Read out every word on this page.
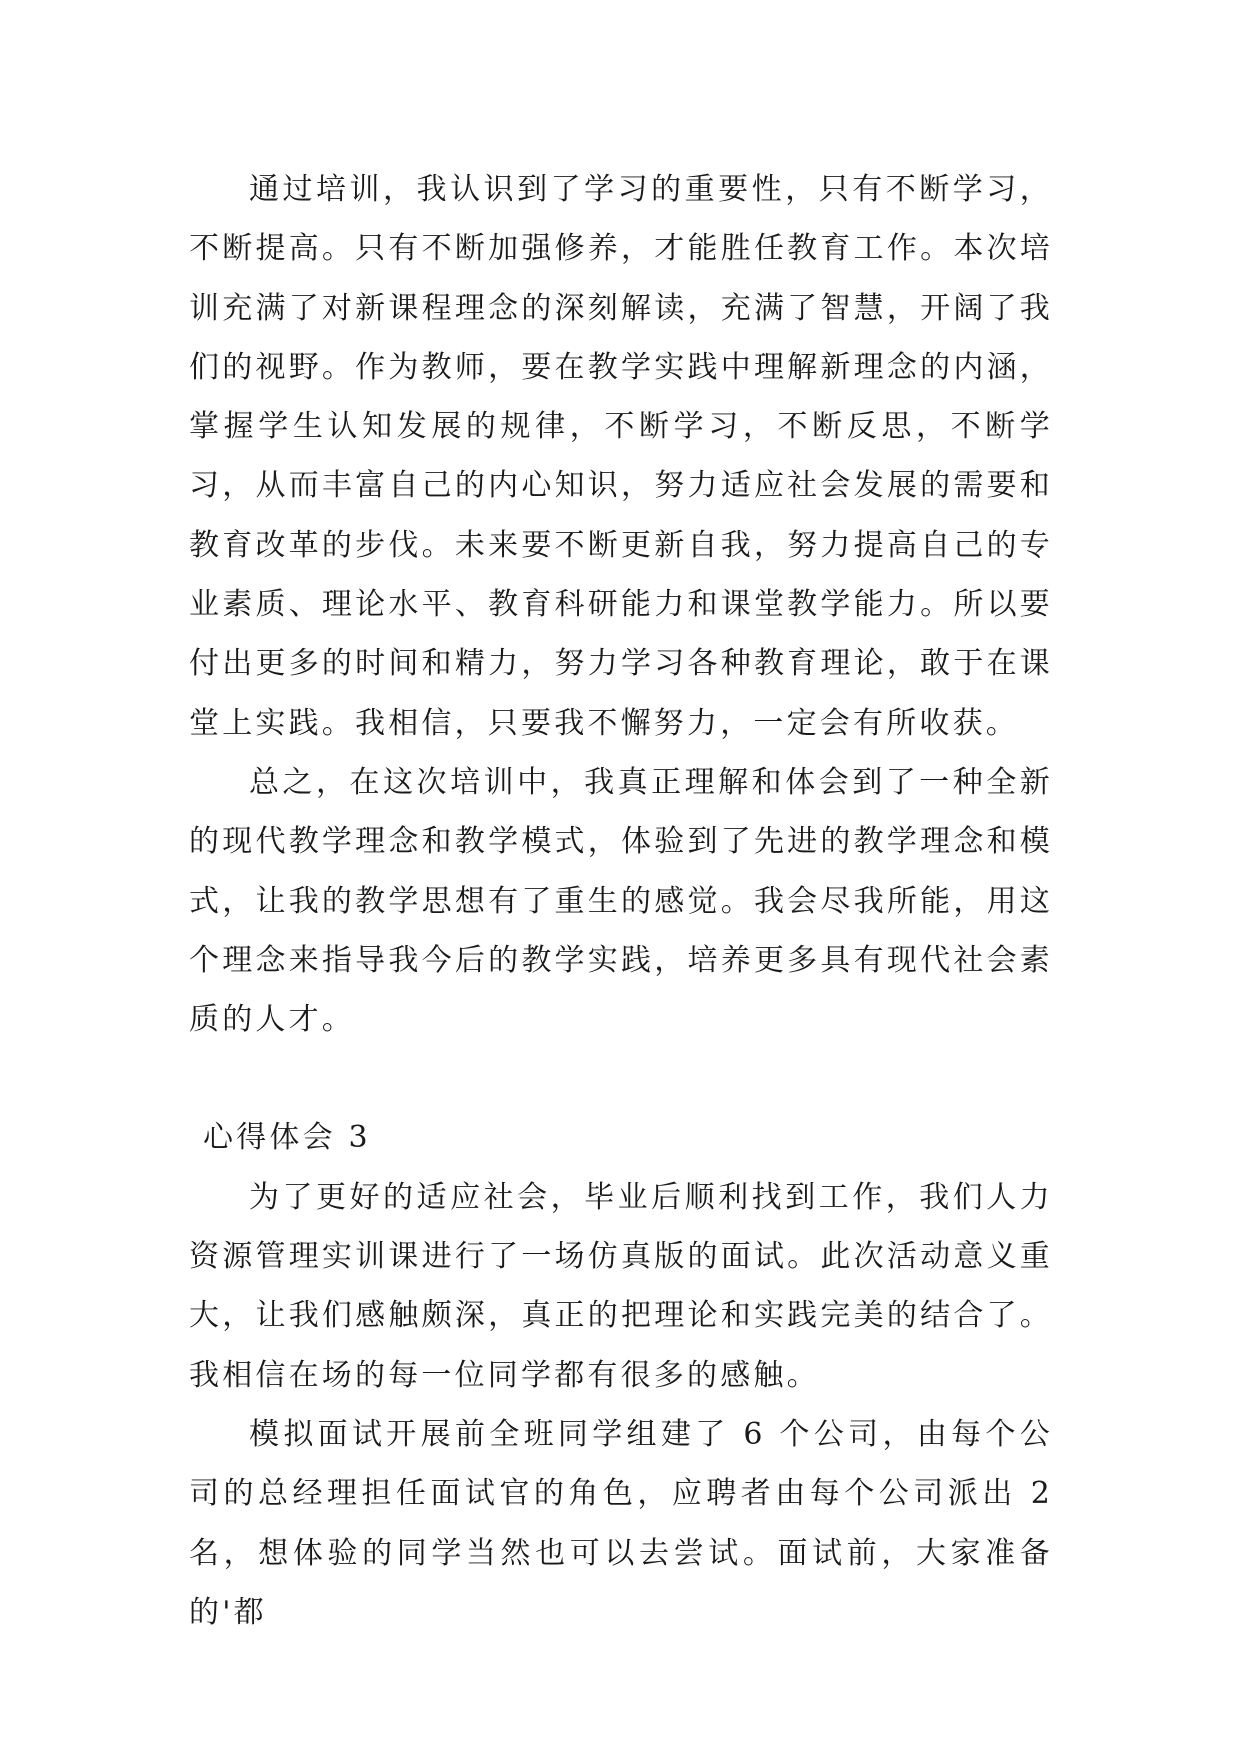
通过培训，我认识到了学习的重要性，只有不断学习，不断提高。只有不断加强修养，才能胜任教育工作。本次培训充满了对新课程理念的深刻解读，充满了智慧，开阔了我们的视野。作为教师，要在教学实践中理解新理念的内涵，掌握学生认知发展的规律，不断学习，不断反思，不断学习，从而丰富自己的内心知识，努力适应社会发展的需要和教育改革的步伐。未来要不断更新自我，努力提高自己的专业素质、理论水平、教育科研能力和课堂教学能力。所以要付出更多的时间和精力，努力学习各种教育理论，敢于在课堂上实践。我相信，只要我不懈努力，一定会有所收获。

总之，在这次培训中，我真正理解和体会到了一种全新的现代教学理念和教学模式，体验到了先进的教学理念和模式，让我的教学思想有了重生的感觉。我会尽我所能，用这个理念来指导我今后的教学实践，培养更多具有现代社会素质的人才。

心得体会 3

为了更好的适应社会，毕业后顺利找到工作，我们人力资源管理实训课进行了一场仿真版的面试。此次活动意义重大，让我们感触颇深，真正的把理论和实践完美的结合了。我相信在场的每一位同学都有很多的感触。

模拟面试开展前全班同学组建了 6 个公司，由每个公司的总经理担任面试官的角色，应聘者由每个公司派出 2 名，想体验的同学当然也可以去尝试。面试前，大家准备的'都
